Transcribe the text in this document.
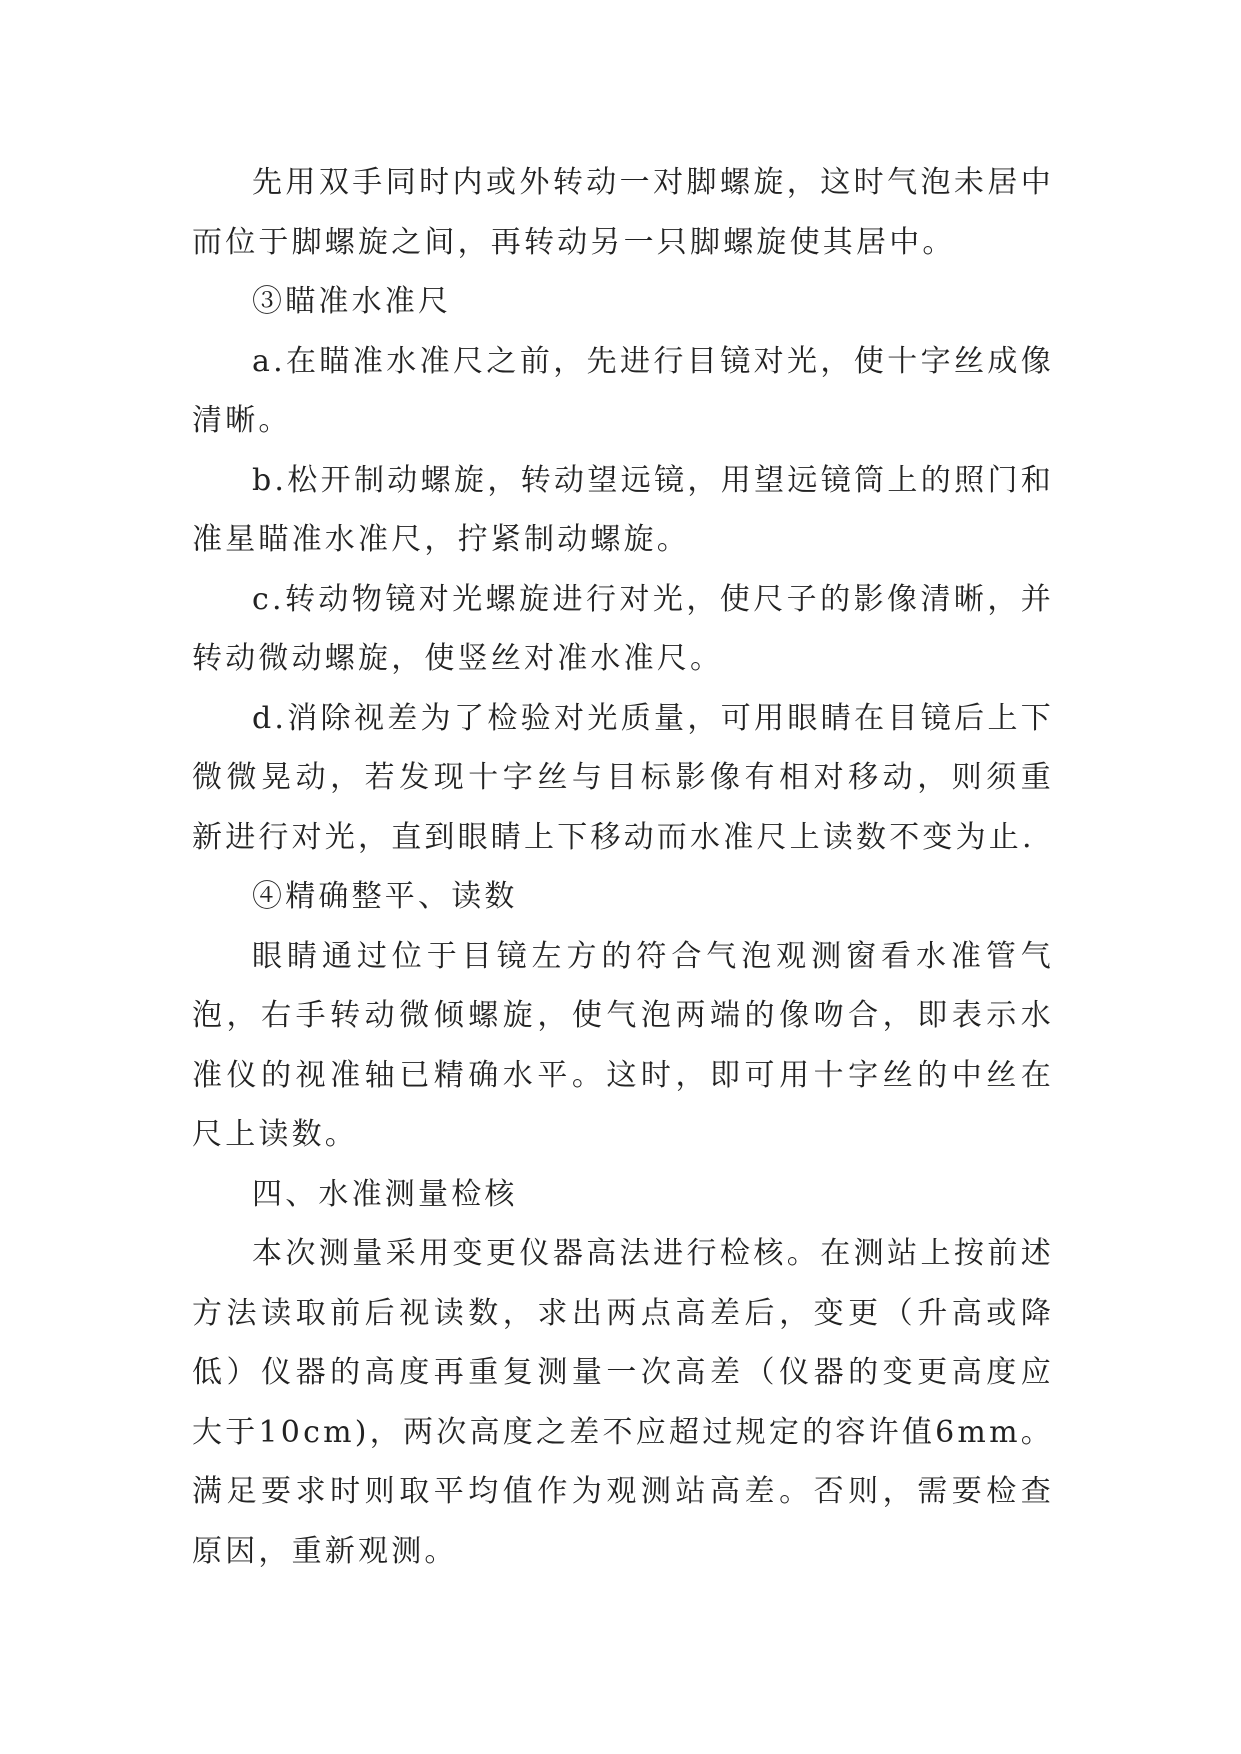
先用双手同时内或外转动一对脚螺旋，这时气泡未居中而位于脚螺旋之间，再转动另一只脚螺旋使其居中。

③瞄准水准尺

a.在瞄准水准尺之前，先进行目镜对光，使十字丝成像清晰。

b.松开制动螺旋，转动望远镜，用望远镜筒上的照门和准星瞄准水准尺，拧紧制动螺旋。

c.转动物镜对光螺旋进行对光，使尺子的影像清晰，并转动微动螺旋，使竖丝对准水准尺。

d.消除视差为了检验对光质量，可用眼睛在目镜后上下微微晃动，若发现十字丝与目标影像有相对移动，则须重新进行对光，直到眼睛上下移动而水准尺上读数不变为止.

④精确整平、读数

眼睛通过位于目镜左方的符合气泡观测窗看水准管气泡，右手转动微倾螺旋，使气泡两端的像吻合，即表示水准仪的视准轴已精确水平。这时，即可用十字丝的中丝在尺上读数。

四、水准测量检核

本次测量采用变更仪器高法进行检核。在测站上按前述方法读取前后视读数，求出两点高差后，变更（升高或降低）仪器的高度再重复测量一次高差（仪器的变更高度应大于10cm)，两次高度之差不应超过规定的容许值6mm。满足要求时则取平均值作为观测站高差。否则，需要检查原因，重新观测。
